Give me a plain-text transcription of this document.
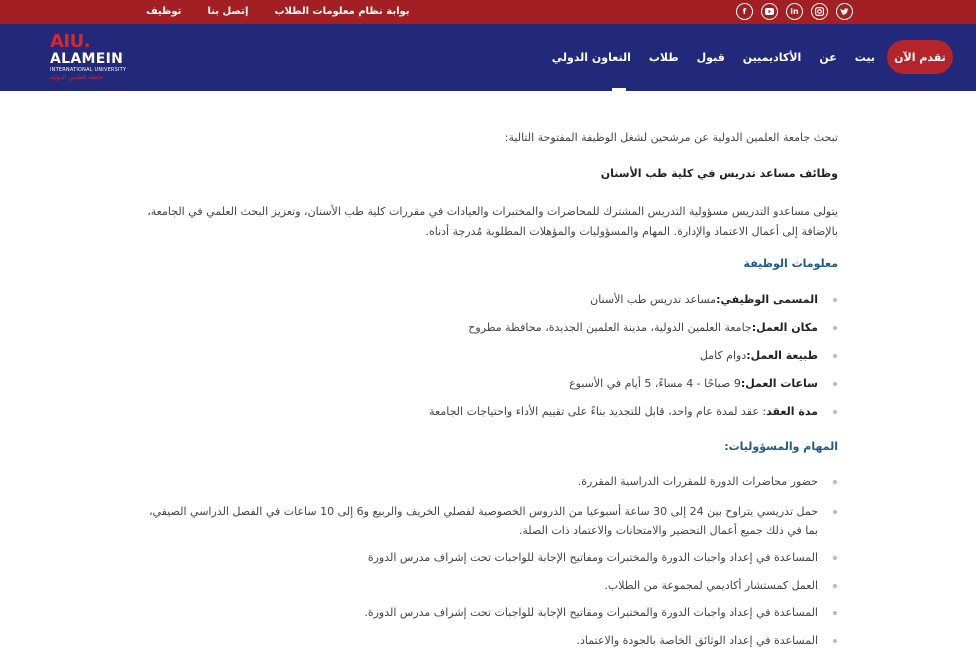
بوابة نظام معلومات الطلاب
إتصل بنا
توظيف	f	in
AIU.
ALAMEIN
INTERNATIONAL UNIVERSITY
جامعة العلمين الدولية
بيت
عن
الأكاديميين
قبول
طلاب
التعاون الدولي	تقدم الآن
تبحث جامعة العلمين الدولية عن مرشحين لشغل الوظيفة المفتوحة التالية:
وظائف مساعد تدريس في كلية طب الأسنان
يتولى مساعدو التدريس مسؤولية التدريس المشترك للمحاضرات والمختبرات والعيادات في مقررات كلية طب الأسنان، وتعزيز البحث العلمي في الجامعة، بالإضافة إلى أعمال الاعتماد والإدارة. المهام والمسؤوليات والمؤهلات المطلوبة مُدرجة أدناه.
معلومات الوظيفة
المسمى الوظيفي:مساعد تدريس طب الأسنان
مكان العمل:جامعة العلمين الدولية، مدينة العلمين الجديدة، محافظة مطروح
طبيعة العمل:دوام كامل
ساعات العمل:9 صباحًا - 4 مساءً، 5 أيام في الأسبوع
مدة العقد: عقد لمدة عام واحد، قابل للتجديد بناءً على تقييم الأداء واحتياجات الجامعة
المهام والمسؤوليات:
حضور محاضرات الدورة للمقررات الدراسية المقررة.
حمل تدريسي يتراوح بين 24 إلى 30 ساعة أسبوعيا من الدروس الخصوصية لفصلي الخريف والربيع و6 إلى 10 ساعات في الفصل الدراسي الصيفي، بما في ذلك جميع أعمال التحضير والامتحانات والاعتماد ذات الصلة.
المساعدة في إعداد واجبات الدورة والمختبرات ومفاتيح الإجابة للواجبات تحت إشراف مدرس الدورة
العمل كمستشار أكاديمي لمجموعة من الطلاب.
المساعدة في إعداد واجبات الدورة والمختبرات ومفاتيح الإجابة للواجبات تحت إشراف مدرس الدورة.
المساعدة في إعداد الوثائق الخاصة بالجودة والاعتماد.
